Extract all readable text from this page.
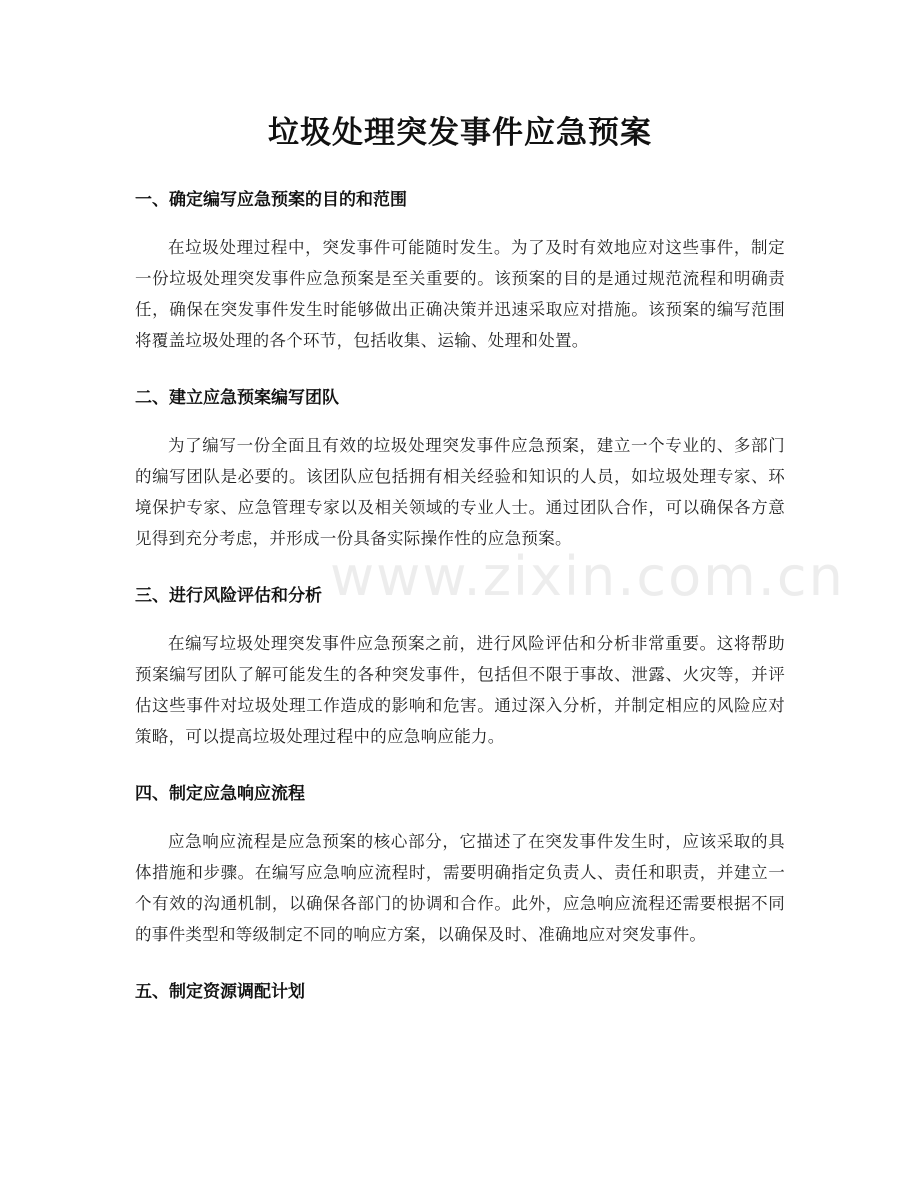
垃圾处理突发事件应急预案
一、确定编写应急预案的目的和范围
在垃圾处理过程中，突发事件可能随时发生。为了及时有效地应对这些事件，制定一份垃圾处理突发事件应急预案是至关重要的。该预案的目的是通过规范流程和明确责任，确保在突发事件发生时能够做出正确决策并迅速采取应对措施。该预案的编写范围将覆盖垃圾处理的各个环节，包括收集、运输、处理和处置。
二、建立应急预案编写团队
为了编写一份全面且有效的垃圾处理突发事件应急预案，建立一个专业的、多部门的编写团队是必要的。该团队应包括拥有相关经验和知识的人员，如垃圾处理专家、环境保护专家、应急管理专家以及相关领域的专业人士。通过团队合作，可以确保各方意见得到充分考虑，并形成一份具备实际操作性的应急预案。
三、进行风险评估和分析
在编写垃圾处理突发事件应急预案之前，进行风险评估和分析非常重要。这将帮助预案编写团队了解可能发生的各种突发事件，包括但不限于事故、泄露、火灾等，并评估这些事件对垃圾处理工作造成的影响和危害。通过深入分析，并制定相应的风险应对策略，可以提高垃圾处理过程中的应急响应能力。
四、制定应急响应流程
应急响应流程是应急预案的核心部分，它描述了在突发事件发生时，应该采取的具体措施和步骤。在编写应急响应流程时，需要明确指定负责人、责任和职责，并建立一个有效的沟通机制，以确保各部门的协调和合作。此外，应急响应流程还需要根据不同的事件类型和等级制定不同的响应方案，以确保及时、准确地应对突发事件。
五、制定资源调配计划
www.zixin.com.cn
